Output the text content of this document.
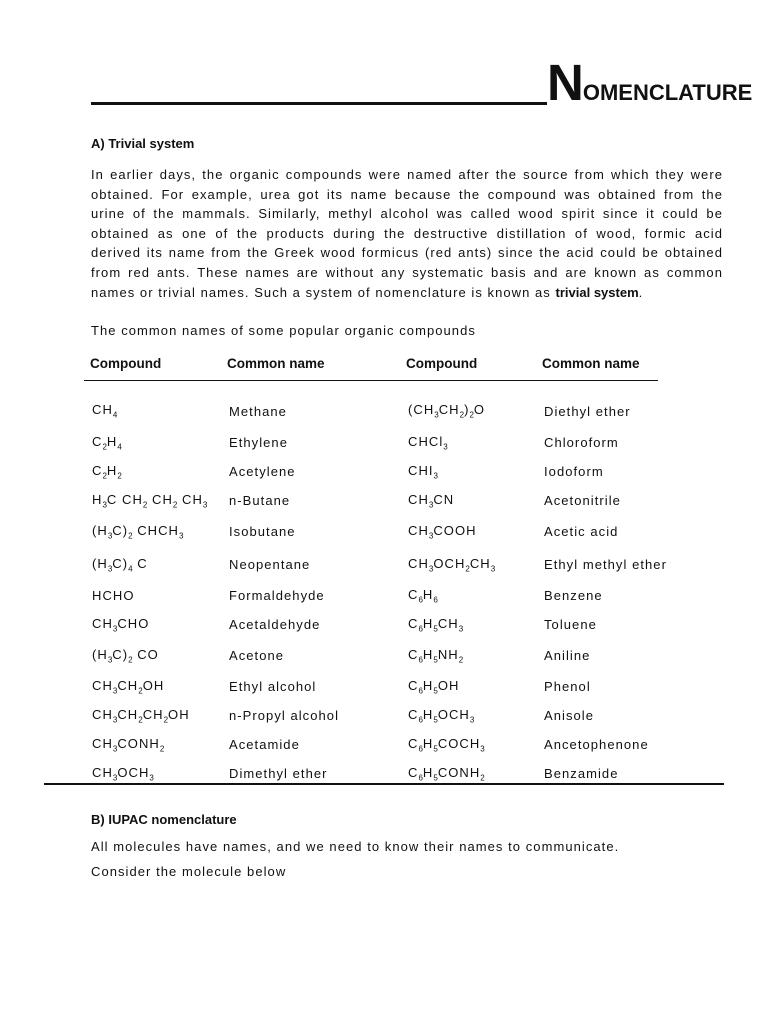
NOMENCLATURE
A) Trivial system

In earlier days, the organic compounds were named after the source from which they were obtained. For example, urea got its name because the compound was obtained from the urine of the mammals. Similarly, methyl alcohol was called wood spirit since it could be obtained as one of the products during the destructive distillation of wood, formic acid derived its name from the Greek wood formicus (red ants) since the acid could be obtained from red ants. These names are without any systematic basis and are known as common names or trivial names. Such a system of nomenclature is known as trivial system.

The common names of some popular organic compounds

Compound	Common name	Compound	Common name

$CH_4$	Methane	$(CH_3CH_2)_2O$	Diethyl ether
$C_2H_4$	Ethylene	CHCl$_3$	Chloroform
$C_2H_2$	Acetylene	$CHI_3$	Iodoform
$H_3C$ $CH_2$ $CH_2$ $CH_3$	n-Butane	$CH_3CN$	Acetonitrile
$(H_3C)_2$ $CHCH_3$	Isobutane	$CH_3COOH$	Acetic acid
$(H_3C)_4$ C	Neopentane	$CH_3OCH_2CH_3$	Ethyl methyl ether
HCHO	Formaldehyde	$C_6H_6$	Benzene
$CH_3CHO$	Acetaldehyde	$C_6H_5CH_3$	Toluene
$(H_3C)_2$ CO	Acetone	$C_6H_5NH_2$	Aniline
$CH_3CH_2OH$	Ethyl alcohol	$C_6H_5OH$	Phenol
$CH_3CH_2CH_2OH$	n-Propyl alcohol	$C_6H_5OCH_3$	Anisole
$CH_3CONH_2$	Acetamide	$C_6H_5COCH_3$	Ancetophenone
$CH_3OCH_3$	Dimethyl ether	$C_6H_5CONH_2$	Benzamide
B) IUPAC nomenclature

All molecules have names, and we need to know their names to communicate.

Consider the molecule below
